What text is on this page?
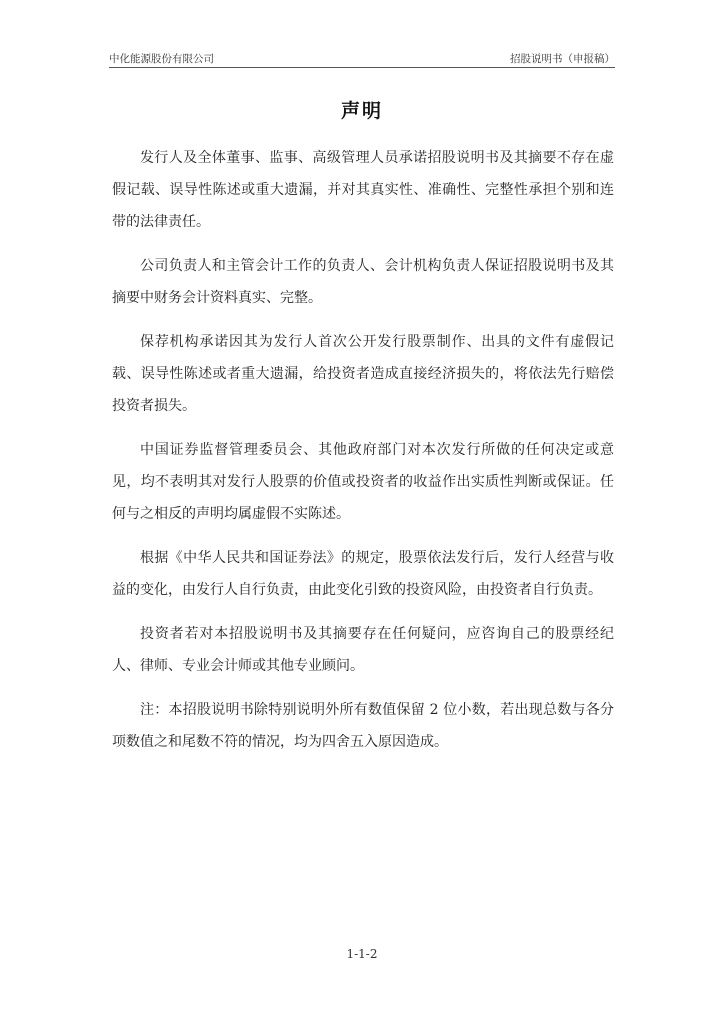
中化能源股份有限公司	招股说明书（申报稿）
声明

发行人及全体董事、监事、高级管理人员承诺招股说明书及其摘要不存在虚假记载、误导性陈述或重大遗漏，并对其真实性、准确性、完整性承担个别和连带的法律责任。

公司负责人和主管会计工作的负责人、会计机构负责人保证招股说明书及其摘要中财务会计资料真实、完整。

保荐机构承诺因其为发行人首次公开发行股票制作、出具的文件有虚假记载、误导性陈述或者重大遗漏，给投资者造成直接经济损失的，将依法先行赔偿投资者损失。

中国证券监督管理委员会、其他政府部门对本次发行所做的任何决定或意见，均不表明其对发行人股票的价值或投资者的收益作出实质性判断或保证。任何与之相反的声明均属虚假不实陈述。

根据《中华人民共和国证券法》的规定，股票依法发行后，发行人经营与收益的变化，由发行人自行负责，由此变化引致的投资风险，由投资者自行负责。

投资者若对本招股说明书及其摘要存在任何疑问，应咨询自己的股票经纪人、律师、专业会计师或其他专业顾问。

注：本招股说明书除特别说明外所有数值保留 2 位小数，若出现总数与各分项数值之和尾数不符的情况，均为四舍五入原因造成。

1-1-2
